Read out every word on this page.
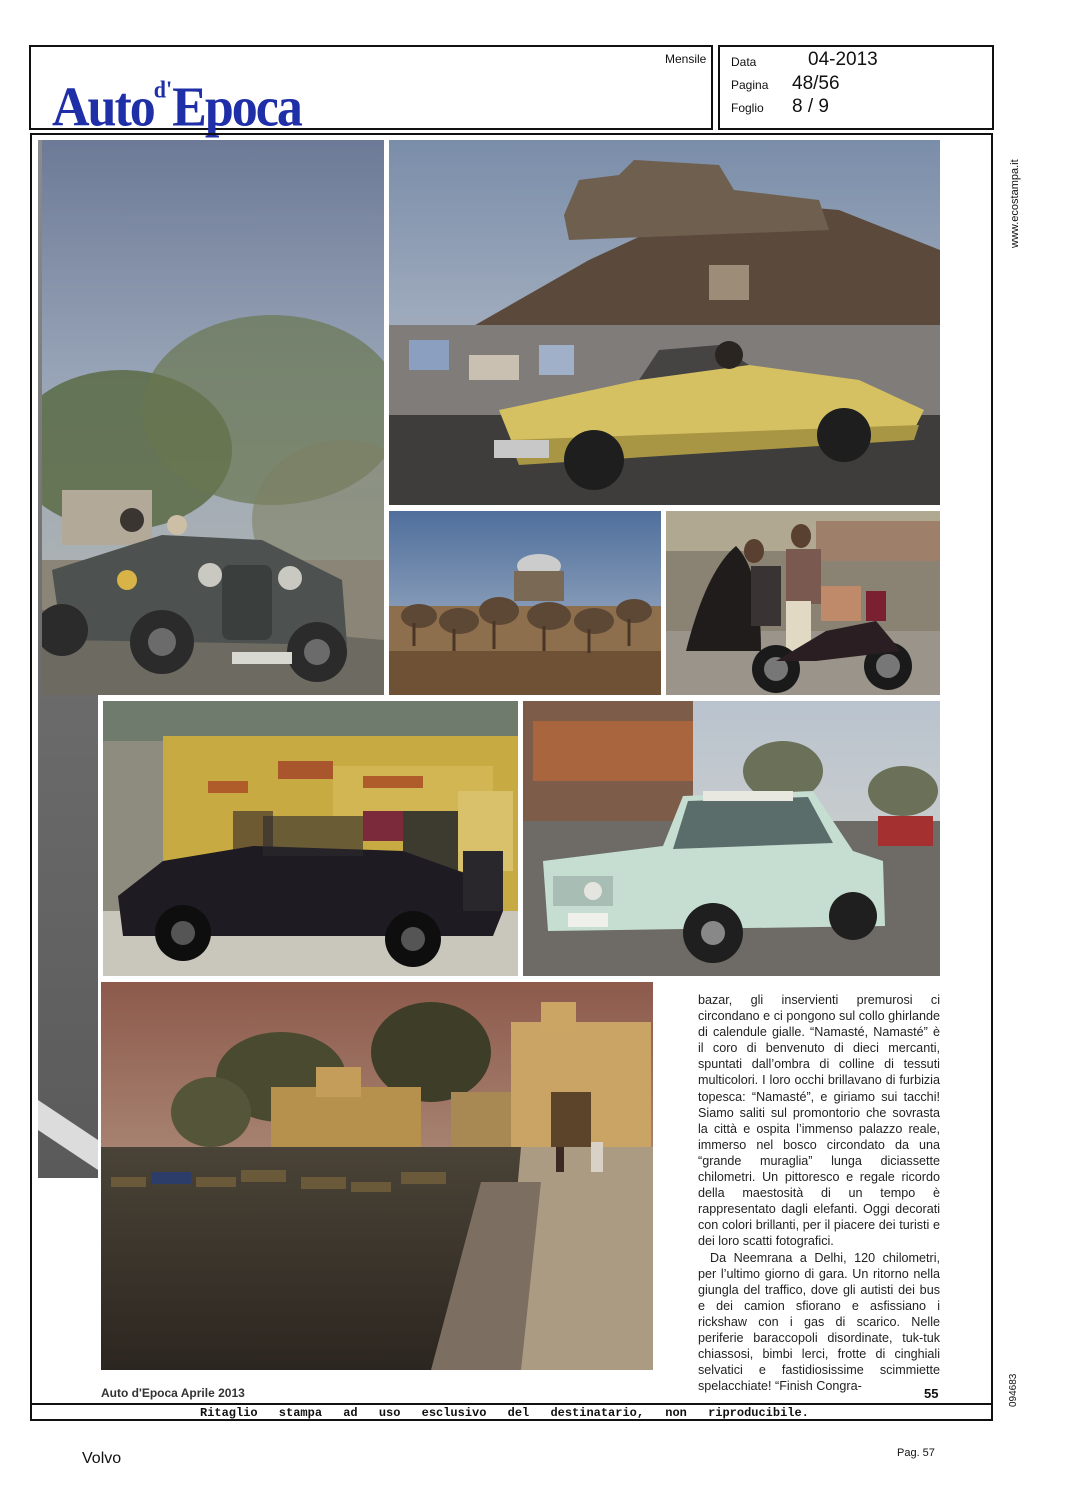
Auto$^{d'}$Epoca
Mensile Data	04-2013
Pagina 48/56
Foglio 8 / 9
www.ecostampa.it
094683

bazar, gli inservienti premurosi ci circondano e ci pongono sul collo ghirlande di calendule gialle. “Namasté, Namasté” è il coro di benvenuto di dieci mercanti, spuntati dall’ombra di colline di tessuti multicolori. I loro occhi brillavano di furbizia topesca: “Namasté”, e giriamo sui tacchi! Siamo saliti sul promontorio che sovrasta la città e ospita l’immenso palazzo reale, immerso nel bosco circondato da una “grande muraglia” lunga diciassette chilometri. Un pittoresco e regale ricordo della maestosità di un tempo è rappresentato dagli elefanti. Oggi decorati con colori brillanti, per il piacere dei turisti e dei loro scatti fotografici.

Da Neemrana a Delhi, 120 chilometri, per l’ultimo giorno di gara. Un ritorno nella giungla del traffico, dove gli autisti dei bus e dei camion sfiorano e asfissiano i rickshaw con i gas di scarico. Nelle periferie baraccopoli disordinate, tuk-tuk chiassosi, bimbi lerci, frotte di cinghiali selvatici e fastidiosissime scimmiette spelacchiate! “Finish Congra-

Auto d'Epoca Aprile 2013	55
Ritaglio stampa ad uso esclusivo del destinatario, non riproducibile.
Volvo	Pag. 57
